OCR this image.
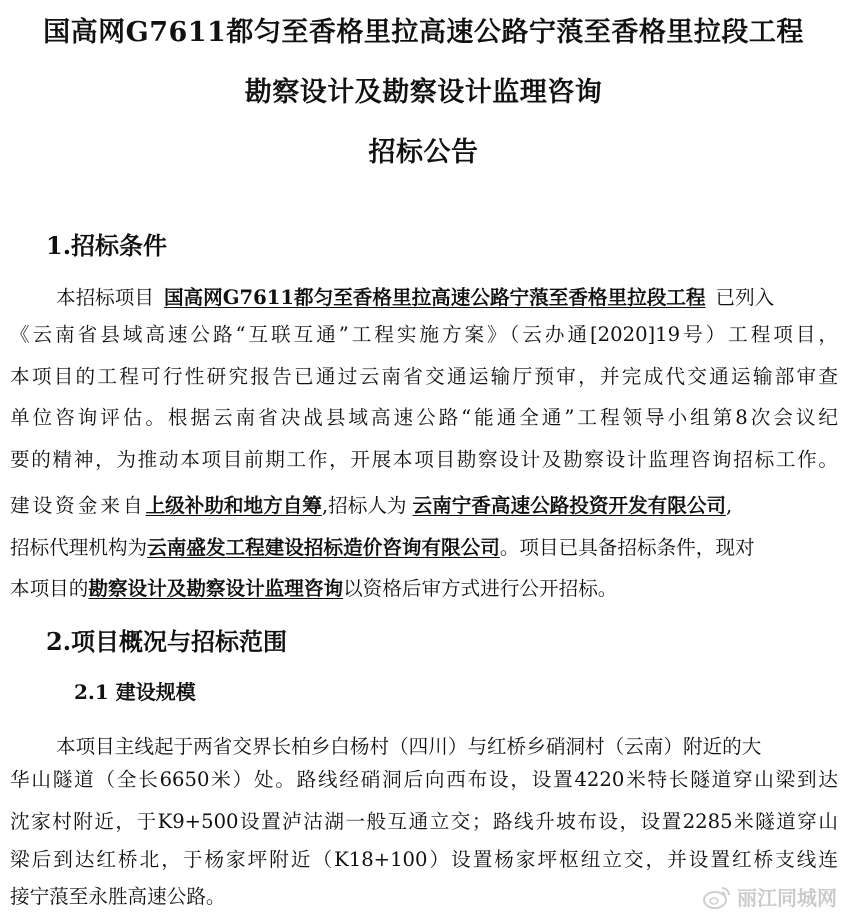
国高网G7611都匀至香格里拉高速公路宁蒗至香格里拉段工程
勘察设计及勘察设计监理咨询
招标公告
1.招标条件
本招标项目 国高网G7611都匀至香格里拉高速公路宁蒗至香格里拉段工程 已列入
《云南省县域高速公路“互联互通”工程实施方案》（云办通[2020]19号）工程项目，
本项目的工程可行性研究报告已通过云南省交通运输厅预审，并完成代交通运输部审查
单位咨询评估。根据云南省决战县域高速公路“能通全通”工程领导小组第8次会议纪
要的精神，为推动本项目前期工作，开展本项目勘察设计及勘察设计监理咨询招标工作。
建设资金来自上级补助和地方自筹,招标人为 云南宁香高速公路投资开发有限公司,
招标代理机构为云南盛发工程建设招标造价咨询有限公司。项目已具备招标条件，现对
本项目的勘察设计及勘察设计监理咨询以资格后审方式进行公开招标。
2.项目概况与招标范围
2.1 建设规模
本项目主线起于两省交界长柏乡白杨村（四川）与红桥乡硝洞村（云南）附近的大
华山隧道（全长6650米）处。路线经硝洞后向西布设，设置4220米特长隧道穿山梁到达
沈家村附近，于K9+500设置泸沽湖一般互通立交；路线升坡布设，设置2285米隧道穿山
梁后到达红桥北，于杨家坪附近（K18+100）设置杨家坪枢纽立交，并设置红桥支线连
接宁蒗至永胜高速公路。	丽江同城网
